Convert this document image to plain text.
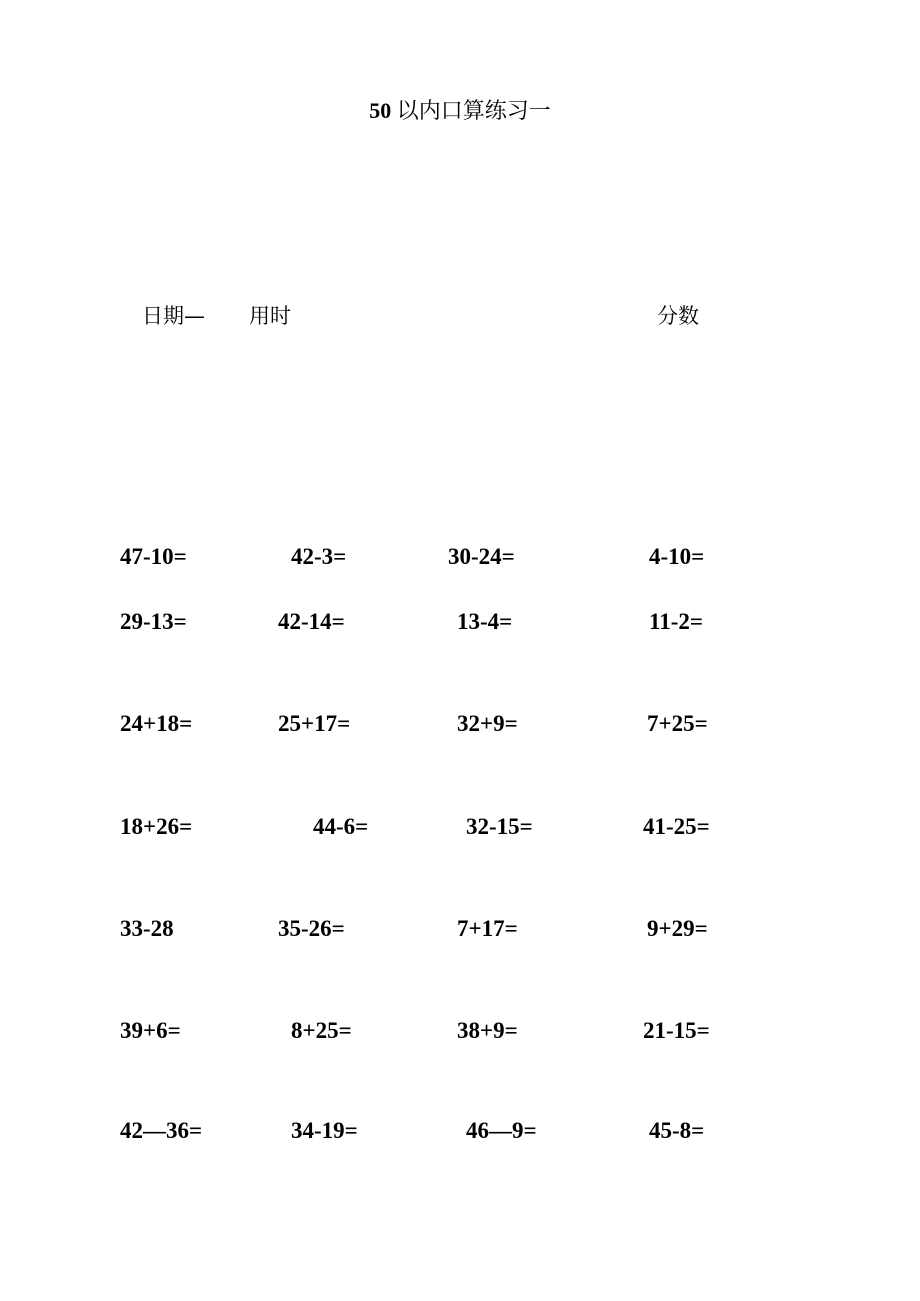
50 以内口算练习一
日期— 用时	分数
47-10=	42-3=	30-24=	4-10=
29-13=	42-14=	13-4=	11-2=
24+18=	25+17=	32+9=	7+25=
18+26=	44-6=	32-15=	41-25=
33-28	35-26=	7+17=	9+29=
39+6=	8+25=	38+9=	21-15=
42—36=	34-19=	46—9=	45-8=
